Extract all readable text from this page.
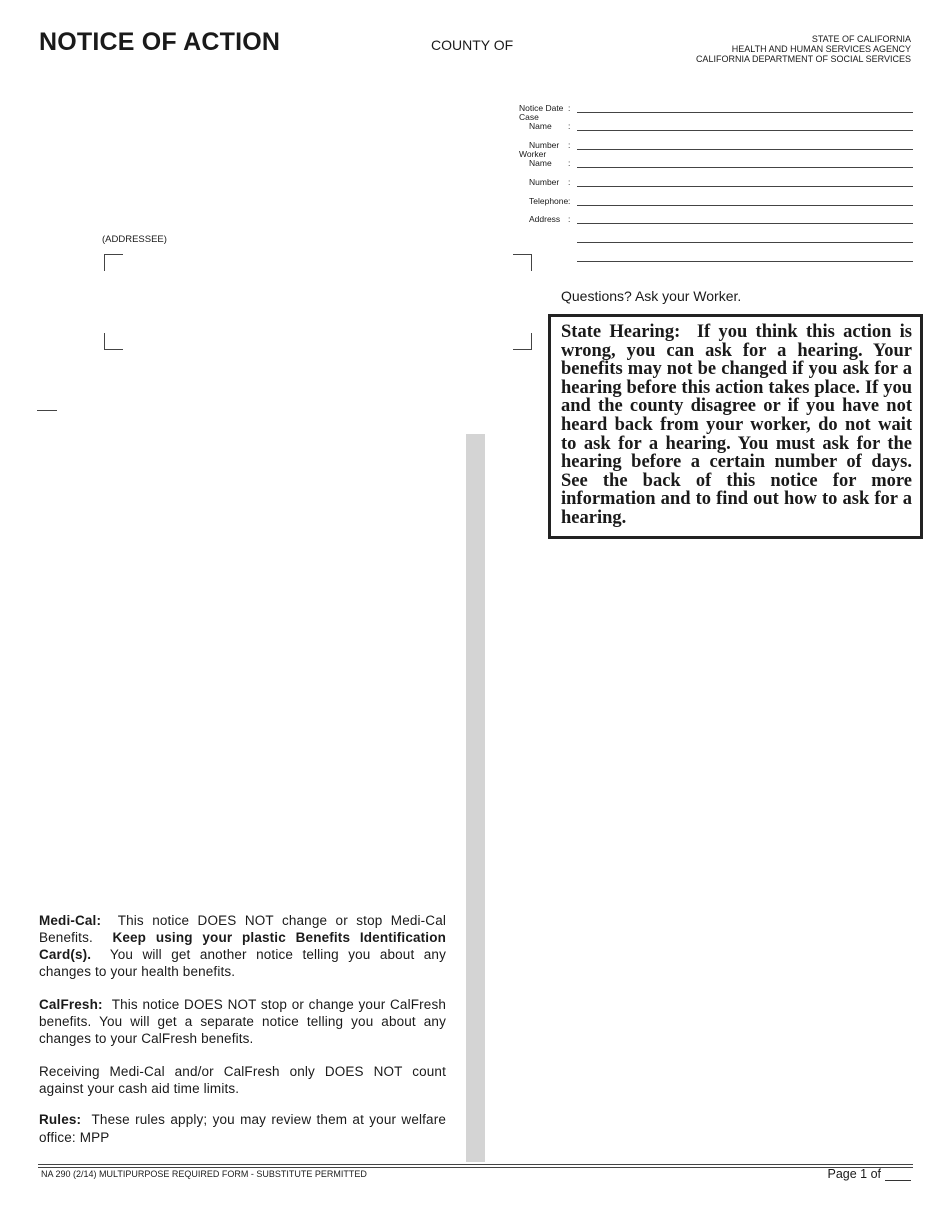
NOTICE OF ACTION	COUNTY OF	STATE OF CALIFORNIA
HEALTH AND HUMAN SERVICES AGENCY
CALIFORNIA DEPARTMENT OF SOCIAL SERVICES
Notice Date :
Case
Name :
Number :
Worker
Name :
Number :
Telephone :
Address :
(ADDRESSEE)
Questions? Ask your Worker.
State Hearing: If you think this action is wrong, you can ask for a hearing. Your benefits may not be changed if you ask for a hearing before this action takes place. If you and the county disagree or if you have not heard back from your worker, do not wait to ask for a hearing. You must ask for the hearing before a certain number of days. See the back of this notice for more information and to find out how to ask for a hearing.
Medi-Cal: This notice DOES NOT change or stop Medi-Cal Benefits. Keep using your plastic Benefits Identification Card(s). You will get another notice telling you about any changes to your health benefits.
CalFresh: This notice DOES NOT stop or change your CalFresh benefits. You will get a separate notice telling you about any changes to your CalFresh benefits.
Receiving Medi-Cal and/or CalFresh only DOES NOT count against your cash aid time limits.
Rules: These rules apply; you may review them at your welfare office: MPP
NA 290 (2/14) MULTIPURPOSE REQUIRED FORM - SUBSTITUTE PERMITTED	Page 1 of
